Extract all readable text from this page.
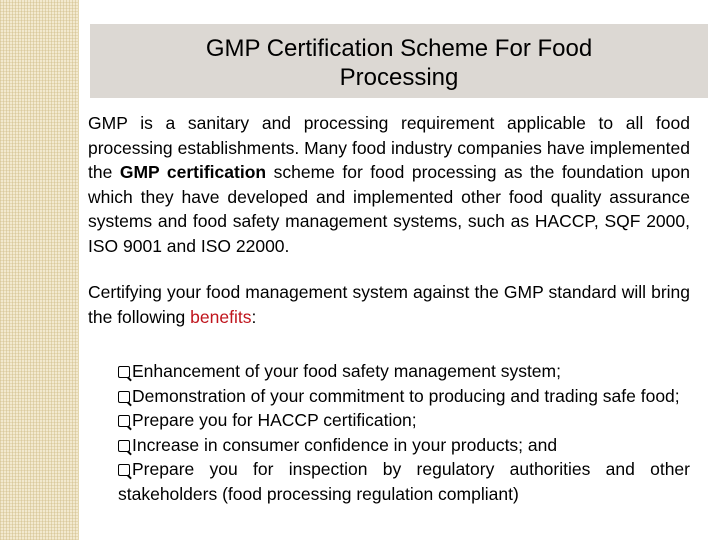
GMP Certification Scheme For Food
Processing

GMP is a sanitary and processing requirement applicable to all food processing establishments. Many food industry companies have implemented the GMP certification scheme for food processing as the foundation upon which they have developed and implemented other food quality assurance systems and food safety management systems, such as HACCP, SQF 2000, ISO 9001 and ISO 22000.

Certifying your food management system against the GMP standard will bring the following benefits:

Enhancement of your food safety management system;
Demonstration of your commitment to producing and trading safe food;
Prepare you for HACCP certification;
Increase in consumer confidence in your products; and
Prepare you for inspection by regulatory authorities and other stakeholders (food processing regulation compliant)
